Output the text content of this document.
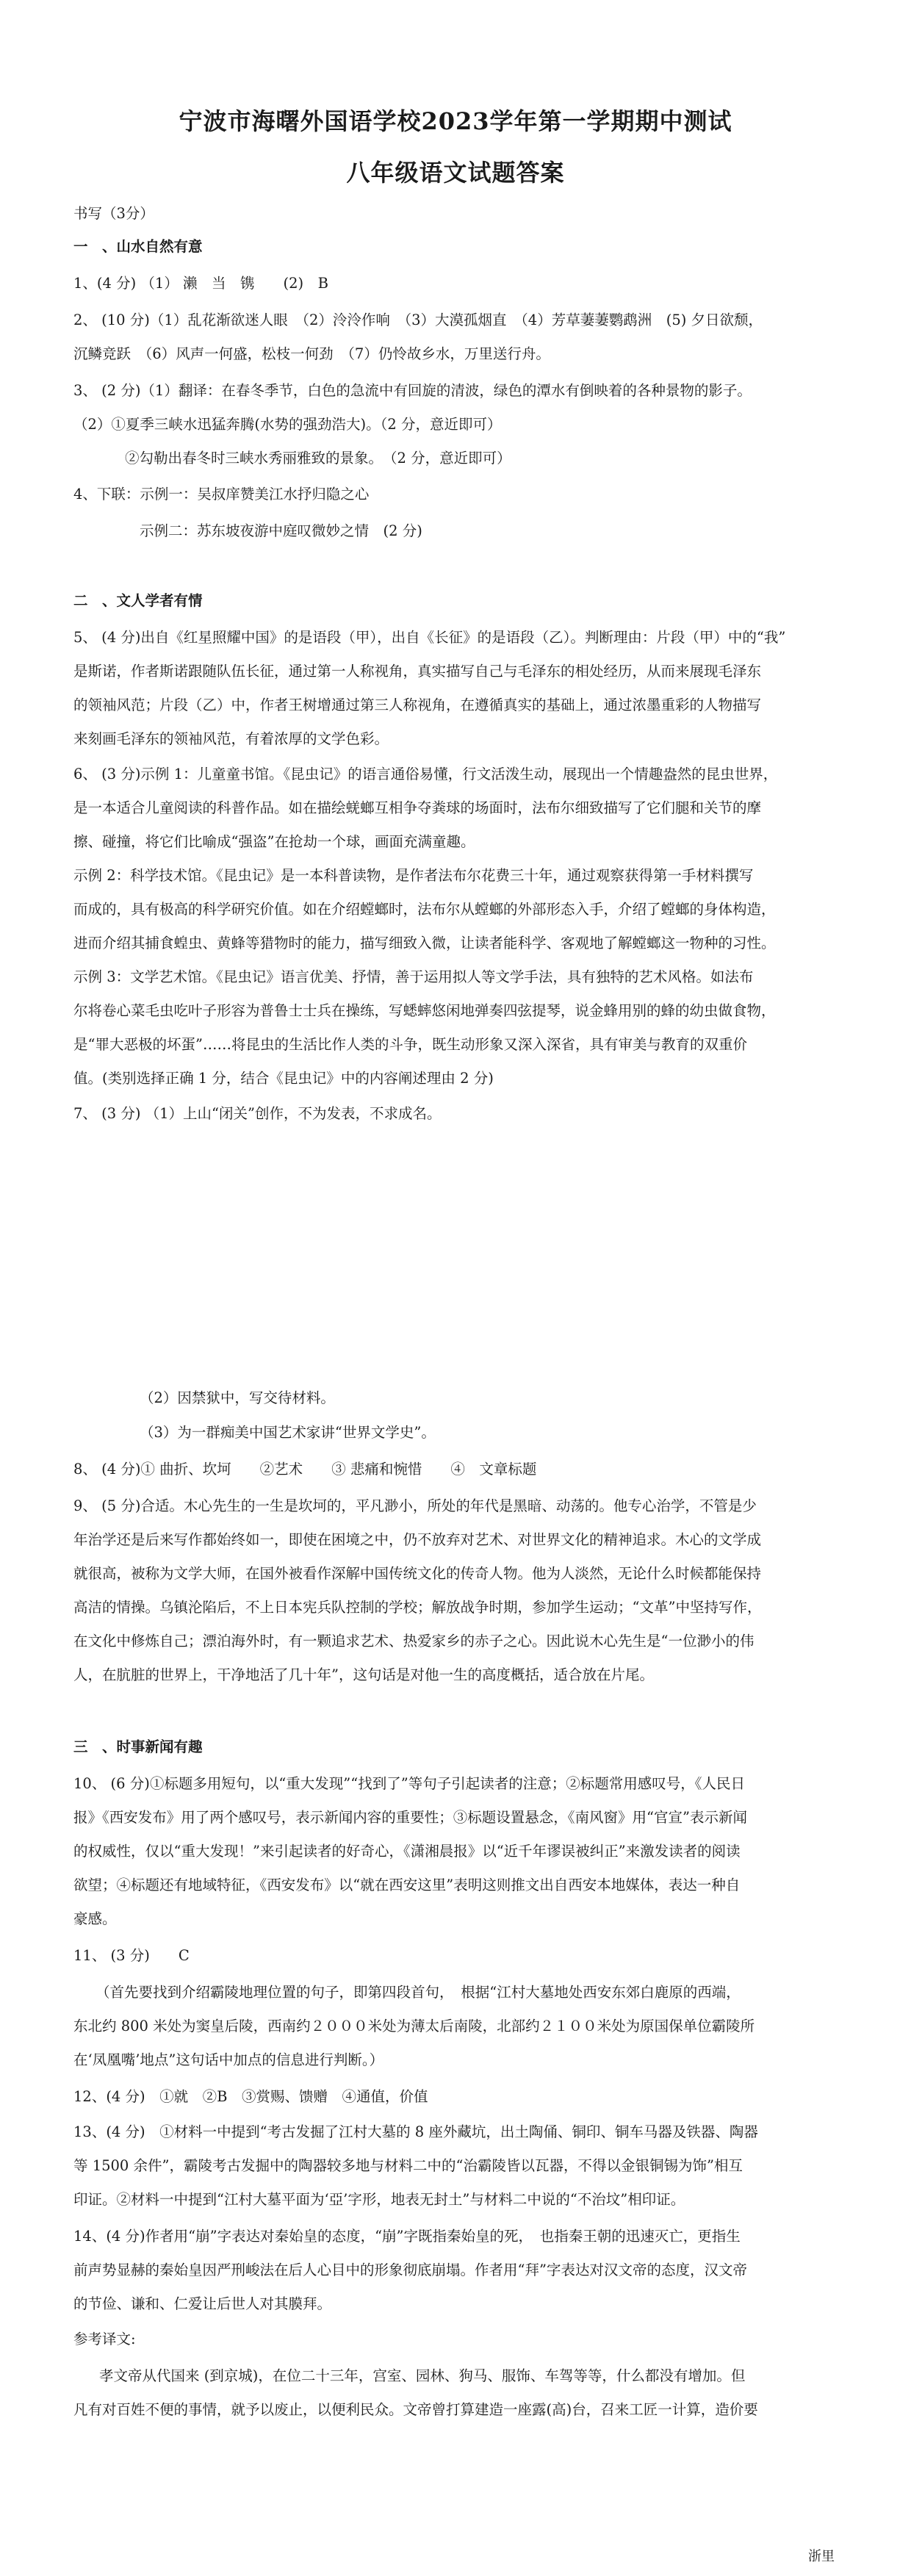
宁波市海曙外国语学校2023学年第一学期期中测试
八年级语文试题答案
书写（3分）
一　、山水自然有意
1、(4 分) （1） 濑　当　镌　　(2)　B
2、 (10 分)（1）乱花渐欲迷人眼　（2）泠泠作响　（3）大漠孤烟直　（4）芳草萋萋鹦鹉洲　(5) 夕日欲颓，
沉鳞竞跃　（6）风声一何盛，松枝一何劲　（7）仍怜故乡水，万里送行舟。
3、 (2 分)（1）翻译：在春冬季节，白色的急流中有回旋的清波，绿色的潭水有倒映着的各种景物的影子。
（2）①夏季三峡水迅猛奔腾(水势的强劲浩大)。（2 分，意近即可）
②勾勒出春冬时三峡水秀丽雅致的景象。　（2 分，意近即可）
4、下联：示例一：吴叔庠赞美江水抒归隐之心
示例二：苏东坡夜游中庭叹微妙之情　(2 分)
二　、文人学者有情
5、 (4 分)出自《红星照耀中国》的是语段（甲），出自《长征》的是语段（乙）。判断理由：片段（甲）中的“我”
是斯诺，作者斯诺跟随队伍长征，通过第一人称视角，真实描写自己与毛泽东的相处经历，从而来展现毛泽东
的领袖风范；片段（乙）中，作者王树增通过第三人称视角，在遵循真实的基础上，通过浓墨重彩的人物描写
来刻画毛泽东的领袖风范，有着浓厚的文学色彩。
6、 (3 分)示例 1：儿童童书馆。《昆虫记》的语言通俗易懂，行文活泼生动，展现出一个情趣盎然的昆虫世界，
是一本适合儿童阅读的科普作品。如在描绘蜣螂互相争夺粪球的场面时，法布尔细致描写了它们腿和关节的摩
擦、碰撞，将它们比喻成“强盗”在抢劫一个球，画面充满童趣。
示例 2：科学技术馆。《昆虫记》是一本科普读物，是作者法布尔花费三十年，通过观察获得第一手材料撰写
而成的，具有极高的科学研究价值。如在介绍螳螂时，法布尔从螳螂的外部形态入手，介绍了螳螂的身体构造，
进而介绍其捕食蝗虫、黄蜂等猎物时的能力，描写细致入微，让读者能科学、客观地了解螳螂这一物种的习性。
示例 3：文学艺术馆。《昆虫记》语言优美、抒情，善于运用拟人等文学手法，具有独特的艺术风格。如法布
尔将卷心菜毛虫吃叶子形容为普鲁士士兵在操练，写蟋蟀悠闲地弹奏四弦提琴，说金蜂用别的蜂的幼虫做食物，
是“罪大恶极的坏蛋”……将昆虫的生活比作人类的斗争，既生动形象又深入深省，具有审美与教育的双重价
值。(类别选择正确 1 分，结合《昆虫记》中的内容阐述理由 2 分)
7、 (3 分) （1）上山“闭关”创作，不为发表，不求成名。
（2）因禁狱中，写交待材料。
（3）为一群痴美中国艺术家讲“世界文学史”。
8、 (4 分)① 曲折、坎坷　　②艺术　　③ 悲痛和惋惜　　④　文章标题
9、 (5 分)合适。木心先生的一生是坎坷的，平凡渺小，所处的年代是黑暗、动荡的。他专心治学，不管是少
年治学还是后来写作都始终如一，即使在困境之中，仍不放弃对艺术、对世界文化的精神追求。木心的文学成
就很高，被称为文学大师，在国外被看作深解中国传统文化的传奇人物。他为人淡然，无论什么时候都能保持
高洁的情操。乌镇沦陷后，不上日本宪兵队控制的学校；解放战争时期，参加学生运动；“文革”中坚持写作，
在文化中修炼自己；漂泊海外时，有一颗追求艺术、热爱家乡的赤子之心。因此说木心先生是“一位渺小的伟
人，在肮脏的世界上，干净地活了几十年”，这句话是对他一生的高度概括，适合放在片尾。
三　、时事新闻有趣
10、 (6 分)①标题多用短句，以“重大发现”“找到了”等句子引起读者的注意；②标题常用感叹号，《人民日
报》《西安发布》用了两个感叹号，表示新闻内容的重要性；③标题设置悬念，《南风窗》用“官宣”表示新闻
的权威性，仅以“重大发现！”来引起读者的好奇心，《潇湘晨报》以“近千年谬误被纠正”来激发读者的阅读
欲望；④标题还有地域特征，《西安发布》以“就在西安这里”表明这则推文出自西安本地媒体，表达一种自
豪感。
11、 (3 分)　　C
（首先要找到介绍霸陵地理位置的句子，即第四段首句，　根据“江村大墓地处西安东郊白鹿原的西端，
东北约 800 米处为窦皇后陵，西南约２０００米处为薄太后南陵，北部约２１００米处为原国保单位霸陵所
在‘凤凰嘴’地点”这句话中加点的信息进行判断。）
12、(4 分)　①就　②B　③赏赐、馈赠　④通值，价值
13、(4 分)　①材料一中提到“考古发掘了江村大墓的 8 座外藏坑，出土陶俑、铜印、铜车马器及铁器、陶器
等 1500 余件”，霸陵考古发掘中的陶器较多地与材料二中的“治霸陵皆以瓦器，不得以金银铜锡为饰”相互
印证。②材料一中提到“江村大墓平面为‘亞’字形，地表无封土”与材料二中说的“不治坟”相印证。
14、(4 分)作者用“崩”字表达对秦始皇的态度，“崩”字既指秦始皇的死，　也指秦王朝的迅速灭亡，更指生
前声势显赫的秦始皇因严刑峻法在后人心目中的形象彻底崩塌。作者用“拜”字表达对汉文帝的态度，汉文帝
的节俭、谦和、仁爱让后世人对其膜拜。
参考译文:
孝文帝从代国来 (到京城)，在位二十三年，宫室、园林、狗马、服饰、车驾等等，什么都没有增加。但
凡有对百姓不便的事情，就予以废止，以便利民众。文帝曾打算建造一座露(高)台，召来工匠一计算，造价要
浙里
